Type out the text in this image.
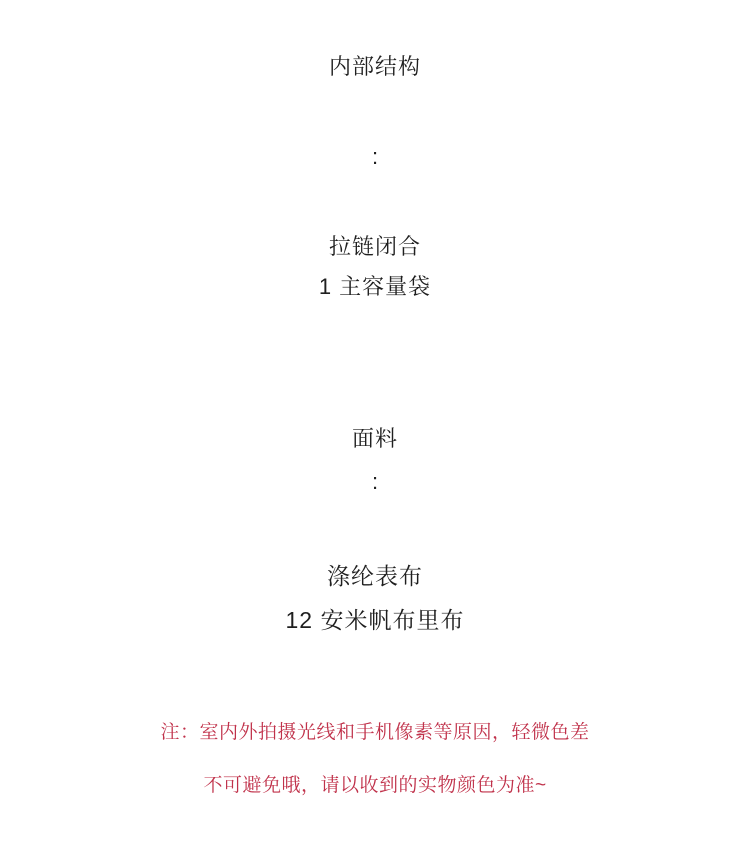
内部结构
:
拉链闭合
1 主容量袋
面料
:
涤纶表布
12 安米帆布里布
注：室内外拍摄光线和手机像素等原因，轻微色差
不可避免哦，请以收到的实物颜色为准~
